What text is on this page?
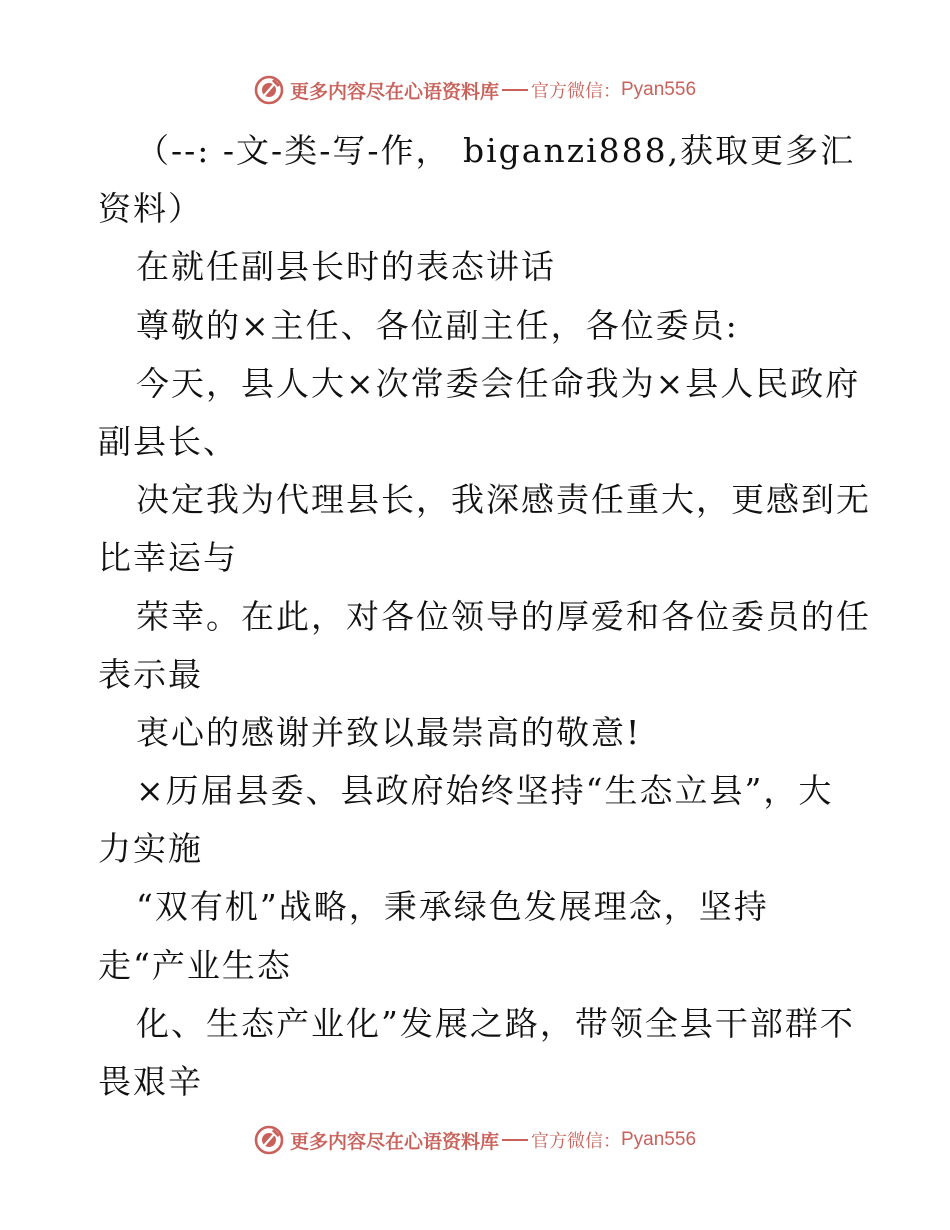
更多内容尽在心语资料库 官方微信： Pyan556
（--: -文-类-写-作， biganzi888,获取更多汇
资料）
在就任副县长时的表态讲话
尊敬的×主任、各位副主任，各位委员:
今天，县人大×次常委会任命我为×县人民政府
副县长、
决定我为代理县长，我深感责任重大，更感到无
比幸运与
荣幸。在此，对各位领导的厚爱和各位委员的任
表示最
衷心的感谢并致以最崇高的敬意!
×历届县委、县政府始终坚持“生态立县”，大
力实施
“双有机”战略，秉承绿色发展理念，坚持
走“产业生态
化、生态产业化”发展之路，带领全县干部群不
畏艰辛
更多内容尽在心语资料库 官方微信： Pyan556
